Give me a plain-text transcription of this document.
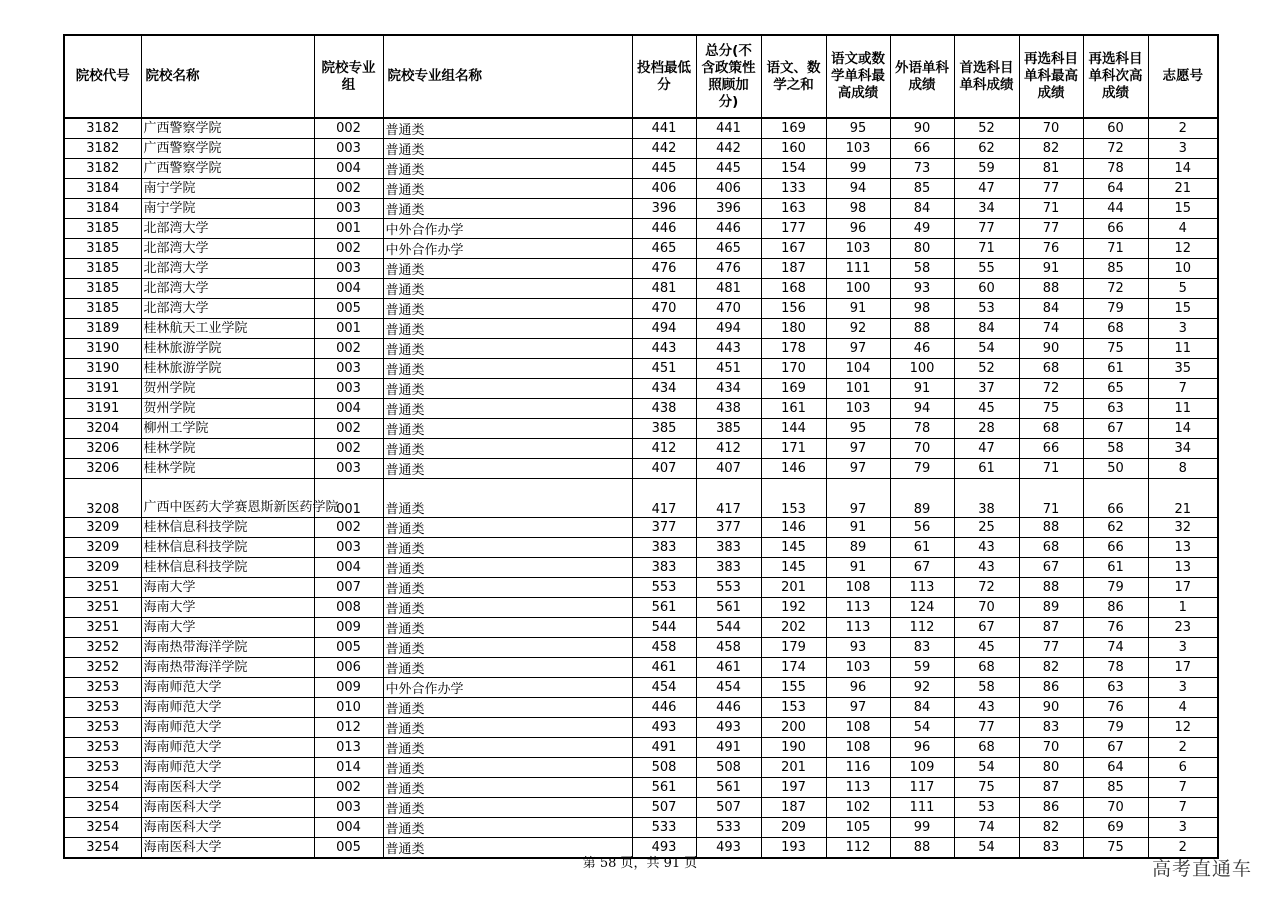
院校代号	院校名称	院校专业组	院校专业组名称	投档最低分	总分(不含政策性照顾加分)	语文、数学之和	语文或数学单科最高成绩	外语单科成绩	首选科目单科成绩	再选科目单科最高成绩	再选科目单科次高成绩	志愿号
3182	广西警察学院	002	普通类	441	441	169	95	90	52	70	60	2
3182	广西警察学院	003	普通类	442	442	160	103	66	62	82	72	3
3182	广西警察学院	004	普通类	445	445	154	99	73	59	81	78	14
3184	南宁学院	002	普通类	406	406	133	94	85	47	77	64	21
3184	南宁学院	003	普通类	396	396	163	98	84	34	71	44	15
3185	北部湾大学	001	中外合作办学	446	446	177	96	49	77	77	66	4
3185	北部湾大学	002	中外合作办学	465	465	167	103	80	71	76	71	12
3185	北部湾大学	003	普通类	476	476	187	111	58	55	91	85	10
3185	北部湾大学	004	普通类	481	481	168	100	93	60	88	72	5
3185	北部湾大学	005	普通类	470	470	156	91	98	53	84	79	15
3189	桂林航天工业学院	001	普通类	494	494	180	92	88	84	74	68	3
3190	桂林旅游学院	002	普通类	443	443	178	97	46	54	90	75	11
3190	桂林旅游学院	003	普通类	451	451	170	104	100	52	68	61	35
3191	贺州学院	003	普通类	434	434	169	101	91	37	72	65	7
3191	贺州学院	004	普通类	438	438	161	103	94	45	75	63	11
3204	柳州工学院	002	普通类	385	385	144	95	78	28	68	67	14
3206	桂林学院	002	普通类	412	412	171	97	70	47	66	58	34
3206	桂林学院	003	普通类	407	407	146	97	79	61	71	50	8
3208	广西中医药大学赛恩斯新医药学院	001	普通类	417	417	153	97	89	38	71	66	21
3209	桂林信息科技学院	002	普通类	377	377	146	91	56	25	88	62	32
3209	桂林信息科技学院	003	普通类	383	383	145	89	61	43	68	66	13
3209	桂林信息科技学院	004	普通类	383	383	145	91	67	43	67	61	13
3251	海南大学	007	普通类	553	553	201	108	113	72	88	79	17
3251	海南大学	008	普通类	561	561	192	113	124	70	89	86	1
3251	海南大学	009	普通类	544	544	202	113	112	67	87	76	23
3252	海南热带海洋学院	005	普通类	458	458	179	93	83	45	77	74	3
3252	海南热带海洋学院	006	普通类	461	461	174	103	59	68	82	78	17
3253	海南师范大学	009	中外合作办学	454	454	155	96	92	58	86	63	3
3253	海南师范大学	010	普通类	446	446	153	97	84	43	90	76	4
3253	海南师范大学	012	普通类	493	493	200	108	54	77	83	79	12
3253	海南师范大学	013	普通类	491	491	190	108	96	68	70	67	2
3253	海南师范大学	014	普通类	508	508	201	116	109	54	80	64	6
3254	海南医科大学	002	普通类	561	561	197	113	117	75	87	85	7
3254	海南医科大学	003	普通类	507	507	187	102	111	53	86	70	7
3254	海南医科大学	004	普通类	533	533	209	105	99	74	82	69	3
3254	海南医科大学	005	普通类	493	493	193	112	88	54	83	75	2
第 58 页，共 91 页	高考直通车
